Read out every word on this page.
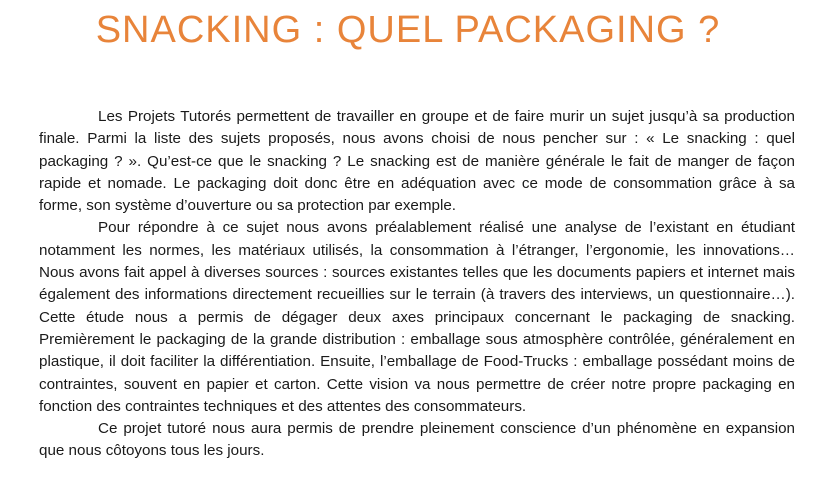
SNACKING : QUEL PACKAGING ?

Les Projets Tutorés permettent de travailler en groupe et de faire murir un sujet jusqu’à sa production finale. Parmi la liste des sujets proposés, nous avons choisi de nous pencher sur : « Le snacking : quel packaging ? ». Qu’est-ce que le snacking ? Le snacking est de manière générale le fait de manger de façon rapide et nomade. Le packaging doit donc être en adéquation avec ce mode de consommation grâce à sa forme, son système d’ouverture ou sa protection par exemple.

Pour répondre à ce sujet nous avons préalablement réalisé une analyse de l’existant en étudiant notamment les normes, les matériaux utilisés, la consommation à l’étranger, l’ergonomie, les innovations… Nous avons fait appel à diverses sources : sources existantes telles que les documents papiers et internet mais également des informations directement recueillies sur le terrain (à travers des interviews, un questionnaire…). Cette étude nous a permis de dégager deux axes principaux concernant le packaging de snacking. Premièrement le packaging de la grande distribution : emballage sous atmosphère contrôlée, généralement en plastique, il doit faciliter la différentiation. Ensuite, l’emballage de Food-Trucks : emballage possédant moins de contraintes, souvent en papier et carton. Cette vision va nous permettre de créer notre propre packaging en fonction des contraintes techniques et des attentes des consommateurs.

Ce projet tutoré nous aura permis de prendre pleinement conscience d’un phénomène en expansion que nous côtoyons tous les jours.
